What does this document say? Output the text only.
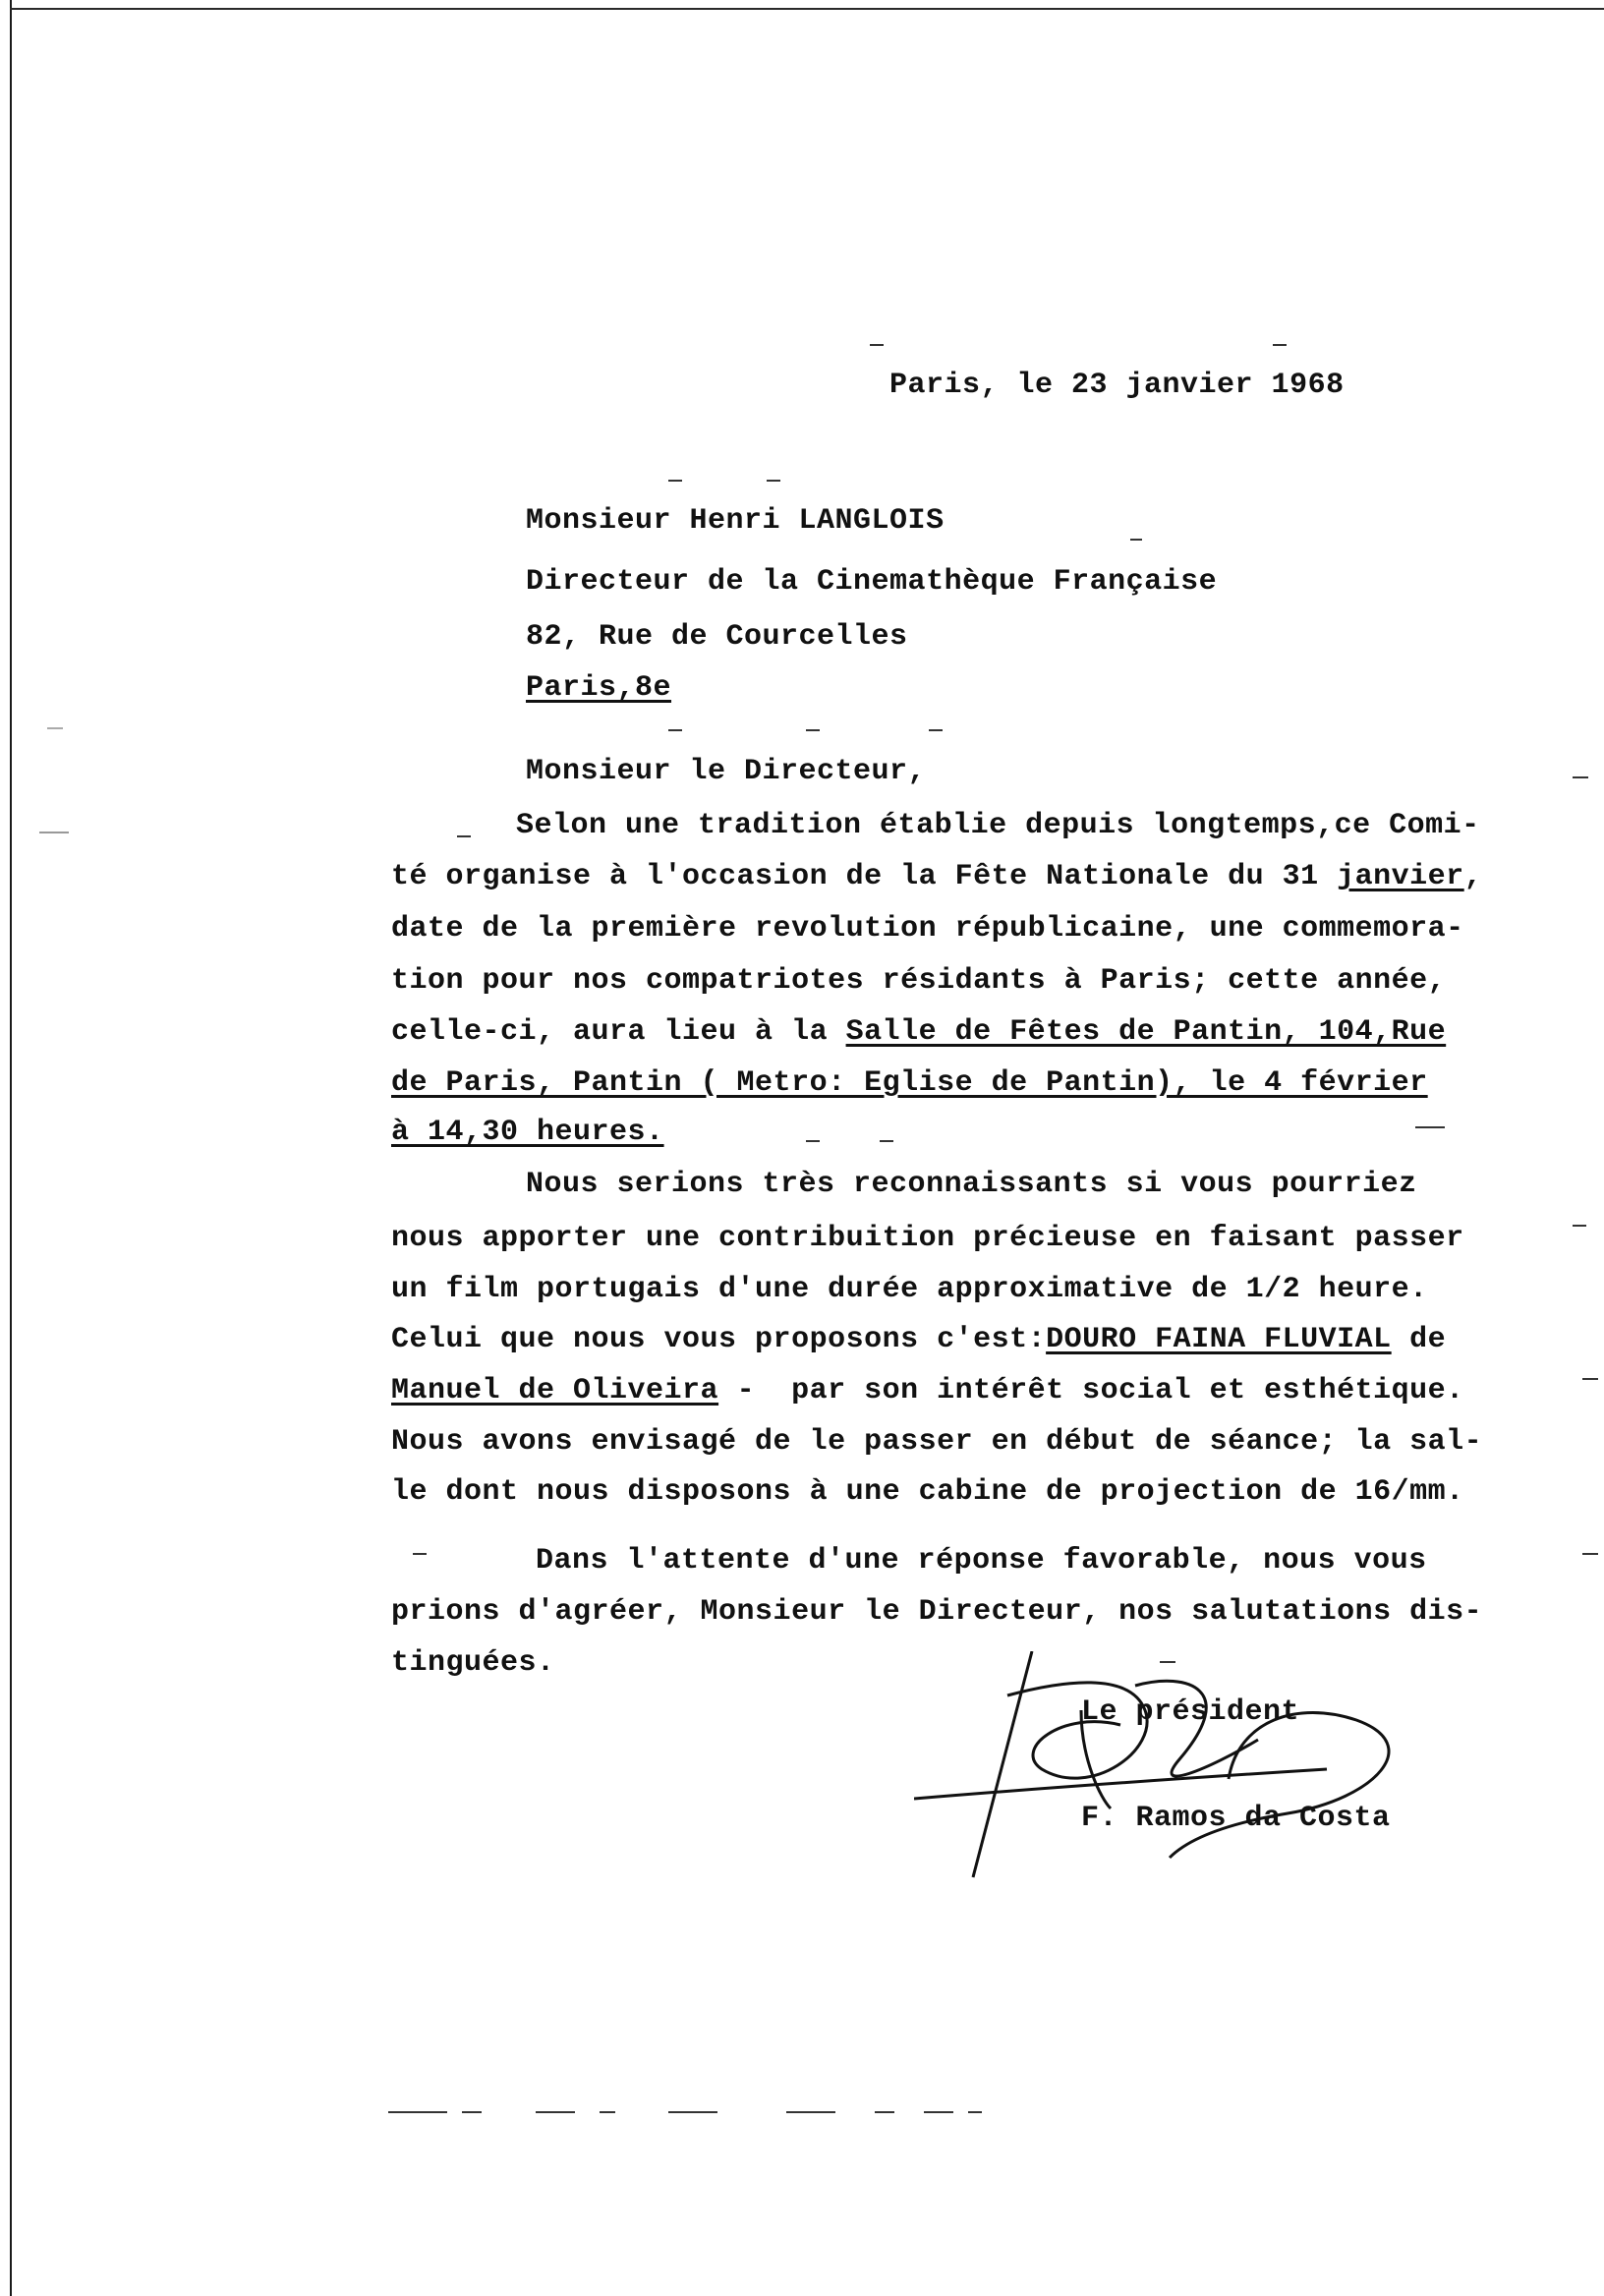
Paris, le 23 janvier 1968
Monsieur Henri LANGLOIS
Directeur de la Cinemathèque Française
82, Rue de Courcelles
Paris,8e
Monsieur le Directeur,
Selon une tradition établie depuis longtemps,ce Comi-
té organise à l'occasion de la Fête Nationale du 31 janvier,
date de la première revolution républicaine, une commemora-
tion pour nos compatriotes résidants à Paris; cette année,
celle-ci, aura lieu à la Salle de Fêtes de Pantin, 104,Rue
de Paris, Pantin ( Metro: Eglise de Pantin), le 4 février
à 14,30 heures.
Nous serions très reconnaissants si vous pourriez
nous apporter une contribuition précieuse en faisant passer
un film portugais d'une durée approximative de 1/2 heure.
Celui que nous vous proposons c'est:DOURO FAINA FLUVIAL de
Manuel de Oliveira -  par son intérêt social et esthétique.
Nous avons envisagé de le passer en début de séance; la sal-
le dont nous disposons à une cabine de projection de 16/mm.
Dans l'attente d'une réponse favorable, nous vous
prions d'agréer, Monsieur le Directeur, nos salutations dis-
tinguées.
Le président
F. Ramos da Costa
